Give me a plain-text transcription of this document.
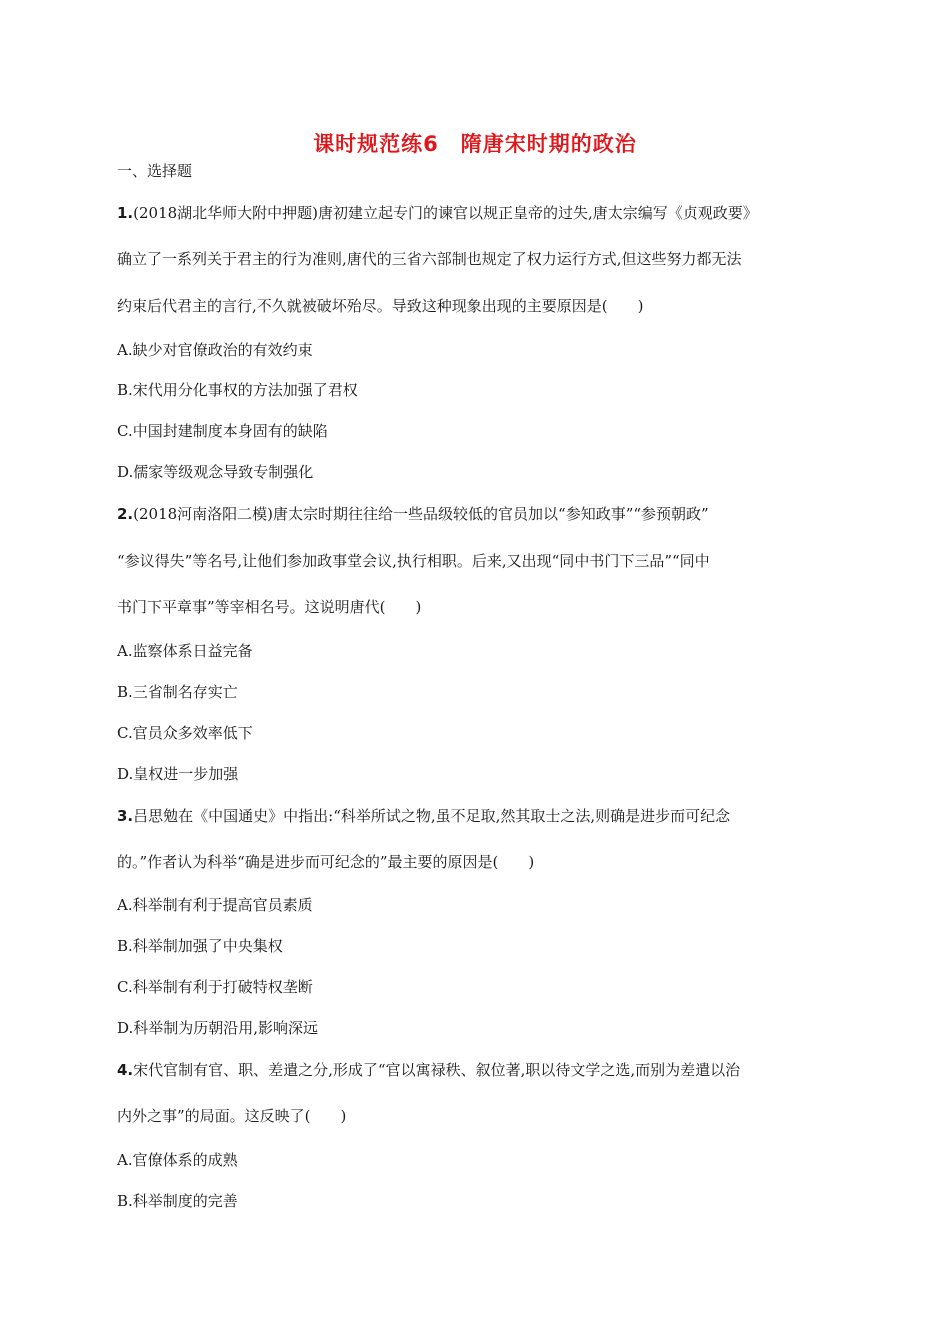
课时规范练6　隋唐宋时期的政治
一、选择题
1.(2018湖北华师大附中押题)唐初建立起专门的谏官以规正皇帝的过失,唐太宗编写《贞观政要》
确立了一系列关于君主的行为准则,唐代的三省六部制也规定了权力运行方式,但这些努力都无法
约束后代君主的言行,不久就被破坏殆尽。导致这种现象出现的主要原因是(　　)
A.缺少对官僚政治的有效约束
B.宋代用分化事权的方法加强了君权
C.中国封建制度本身固有的缺陷
D.儒家等级观念导致专制强化
2.(2018河南洛阳二模)唐太宗时期往往给一些品级较低的官员加以“参知政事”“参预朝政”
“参议得失”等名号,让他们参加政事堂会议,执行相职。后来,又出现“同中书门下三品”“同中
书门下平章事”等宰相名号。这说明唐代(　　)
A.监察体系日益完备
B.三省制名存实亡
C.官员众多效率低下
D.皇权进一步加强
3.吕思勉在《中国通史》中指出:“科举所试之物,虽不足取,然其取士之法,则确是进步而可纪念
的。”作者认为科举“确是进步而可纪念的”最主要的原因是(　　)
A.科举制有利于提高官员素质
B.科举制加强了中央集权
C.科举制有利于打破特权垄断
D.科举制为历朝沿用,影响深远
4.宋代官制有官、职、差遣之分,形成了“官以寓禄秩、叙位著,职以待文学之选,而别为差遣以治
内外之事”的局面。这反映了(　　)
A.官僚体系的成熟
B.科举制度的完善
